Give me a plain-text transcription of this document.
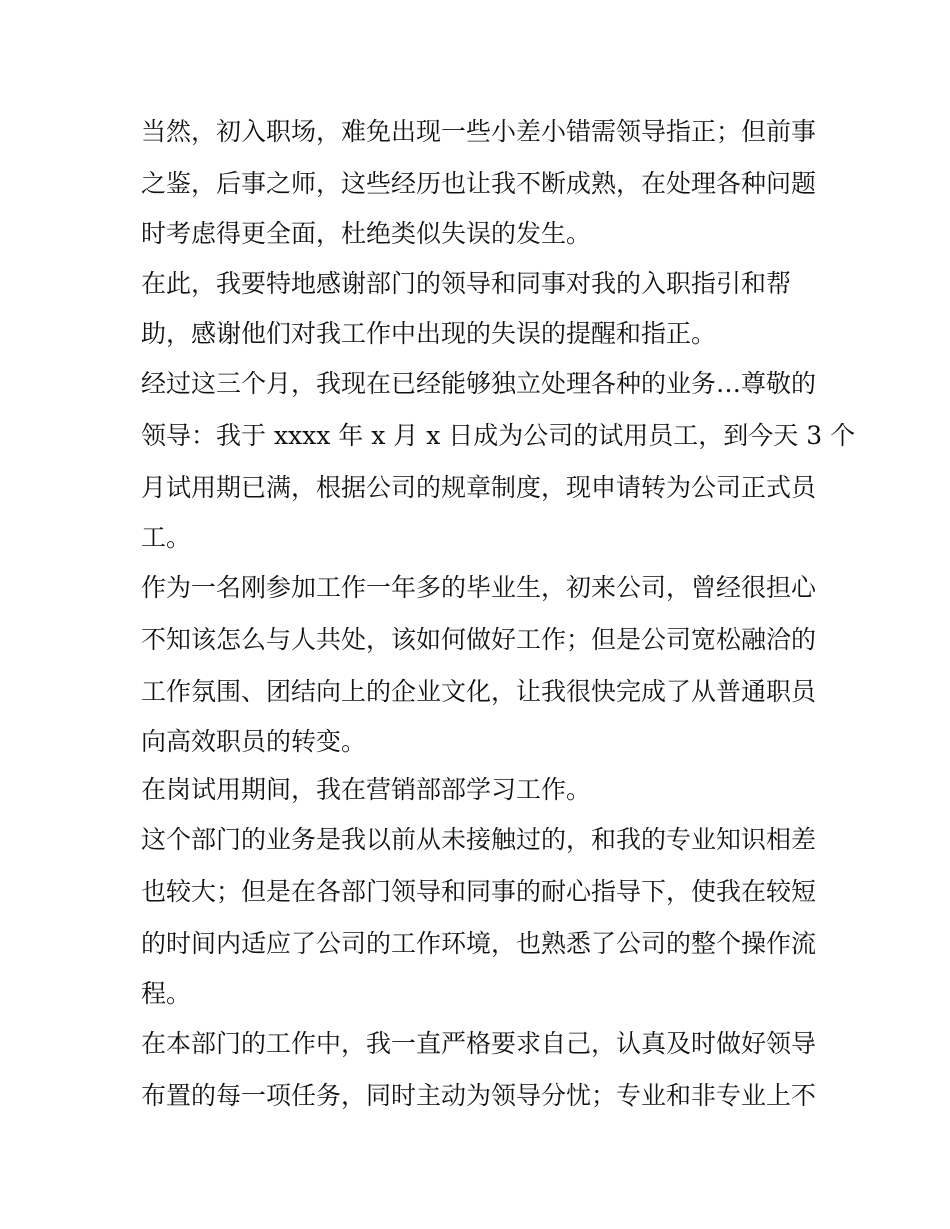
当然，初入职场，难免出现一些小差小错需领导指正；但前事
之鉴，后事之师，这些经历也让我不断成熟，在处理各种问题
时考虑得更全面，杜绝类似失误的发生。
在此，我要特地感谢部门的领导和同事对我的入职指引和帮
助，感谢他们对我工作中出现的失误的提醒和指正。
经过这三个月，我现在已经能够独立处理各种的业务…尊敬的
领导：我于 xxxx 年 x 月 x 日成为公司的试用员工，到今天 3 个
月试用期已满，根据公司的规章制度，现申请转为公司正式员
工。
作为一名刚参加工作一年多的毕业生，初来公司，曾经很担心
不知该怎么与人共处，该如何做好工作；但是公司宽松融洽的
工作氛围、团结向上的企业文化，让我很快完成了从普通职员
向高效职员的转变。
在岗试用期间，我在营销部部学习工作。
这个部门的业务是我以前从未接触过的，和我的专业知识相差
也较大；但是在各部门领导和同事的耐心指导下，使我在较短
的时间内适应了公司的工作环境，也熟悉了公司的整个操作流
程。
在本部门的工作中，我一直严格要求自己，认真及时做好领导
布置的每一项任务，同时主动为领导分忧；专业和非专业上不
